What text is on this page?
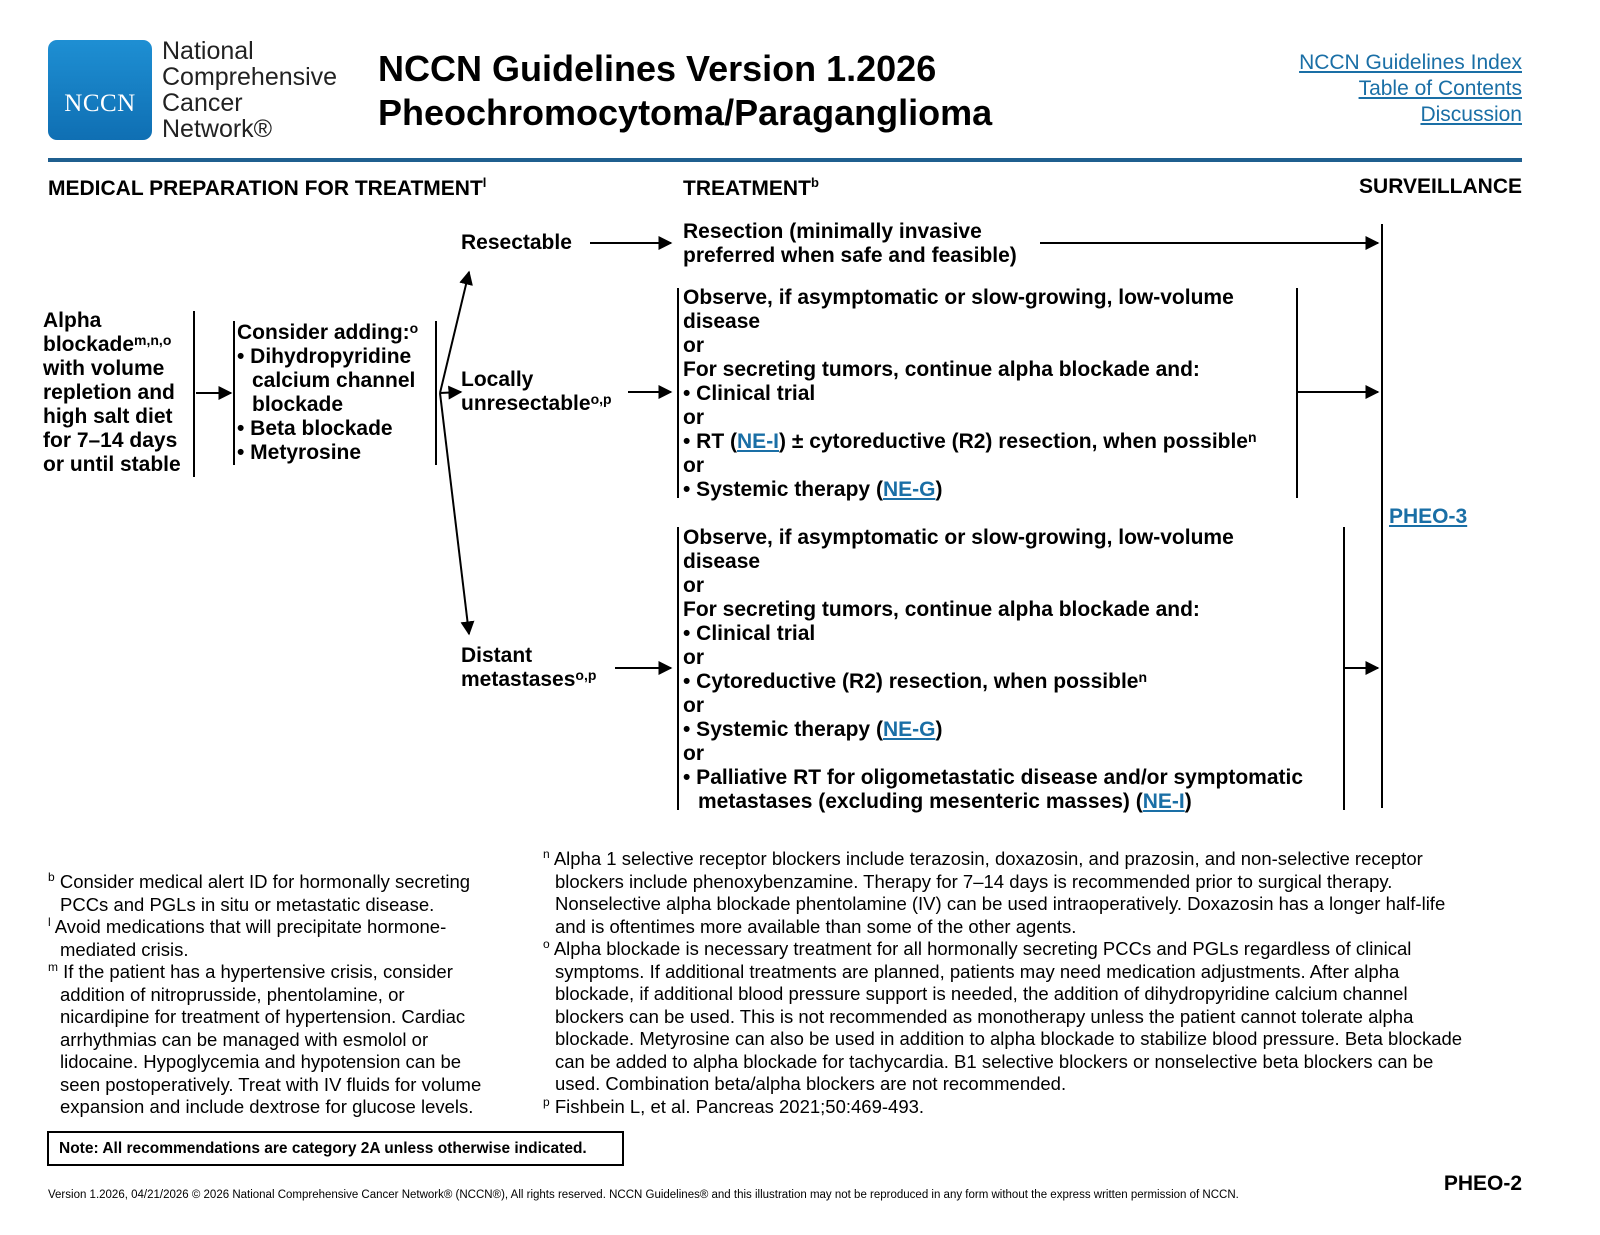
NCCN
National
Comprehensive
Cancer
Network®
NCCN Guidelines Version 1.2026
Pheochromocytoma/Paraganglioma
NCCN Guidelines Index
Table of Contents
Discussion
MEDICAL PREPARATION FOR TREATMENT$^l$	TREATMENT$^b$	SURVEILLANCE
Alpha
blockade$^{m,n,o}$
with volume
repletion and
high salt diet
for 7–14 days
or until stable
Consider adding:$^o$
• Dihydropyridine
calcium channel
blockade
• Beta blockade
• Metyrosine
Resectable
Locally
unresectable$^{o,p}$
Distant
metastases$^{o,p}$
Resection (minimally invasive
preferred when safe and feasible)
Observe, if asymptomatic or slow-growing, low-volume
disease
or
For secreting tumors, continue alpha blockade and:
• Clinical trial
or
• RT (NE-I) ± cytoreductive (R2) resection, when possible$^n$
or
• Systemic therapy (NE-G)
Observe, if asymptomatic or slow-growing, low-volume
disease
or
For secreting tumors, continue alpha blockade and:
• Clinical trial
or
• Cytoreductive (R2) resection, when possible$^n$
or
• Systemic therapy (NE-G)
or
• Palliative RT for oligometastatic disease and/or symptomatic
metastases (excluding mesenteric masses) (NE-I)
PHEO-3
$^b$ Consider medical alert ID for hormonally secreting
PCCs and PGLs in situ or metastatic disease.
$^l$ Avoid medications that will precipitate hormone-
mediated crisis.
$^m$ If the patient has a hypertensive crisis, consider
addition of nitroprusside, phentolamine, or
nicardipine for treatment of hypertension. Cardiac
arrhythmias can be managed with esmolol or
lidocaine. Hypoglycemia and hypotension can be
seen postoperatively. Treat with IV fluids for volume
expansion and include dextrose for glucose levels.
$^n$ Alpha 1 selective receptor blockers include terazosin, doxazosin, and prazosin, and non-selective receptor
blockers include phenoxybenzamine. Therapy for 7–14 days is recommended prior to surgical therapy.
Nonselective alpha blockade phentolamine (IV) can be used intraoperatively. Doxazosin has a longer half-life
and is oftentimes more available than some of the other agents.
$^o$ Alpha blockade is necessary treatment for all hormonally secreting PCCs and PGLs regardless of clinical
symptoms. If additional treatments are planned, patients may need medication adjustments. After alpha
blockade, if additional blood pressure support is needed, the addition of dihydropyridine calcium channel
blockers can be used. This is not recommended as monotherapy unless the patient cannot tolerate alpha
blockade. Metyrosine can also be used in addition to alpha blockade to stabilize blood pressure. Beta blockade
can be added to alpha blockade for tachycardia. B1 selective blockers or nonselective beta blockers can be
used. Combination beta/alpha blockers are not recommended.
$^p$ Fishbein L, et al. Pancreas 2021;50:469-493.
Note: All recommendations are category 2A unless otherwise indicated.
Version 1.2026, 04/21/2026 © 2026 National Comprehensive Cancer Network® (NCCN®), All rights reserved. NCCN Guidelines® and this illustration may not be reproduced in any form without the express written permission of NCCN.	PHEO-2
